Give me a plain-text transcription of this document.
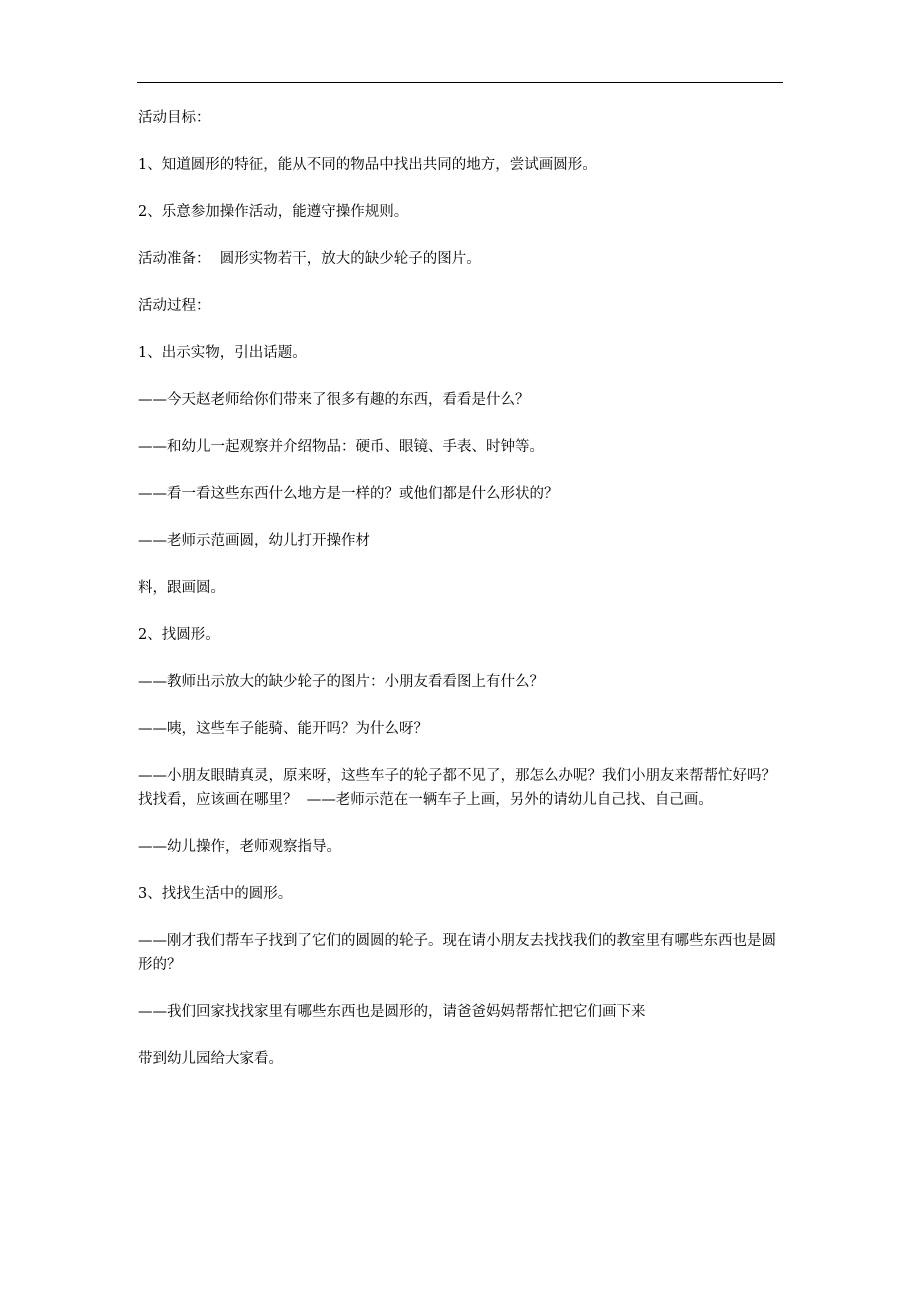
活动目标：

1、知道圆形的特征，能从不同的物品中找出共同的地方，尝试画圆形。

2、乐意参加操作活动，能遵守操作规则。

活动准备：  圆形实物若干，放大的缺少轮子的图片。

活动过程：

1、出示实物，引出话题。

——今天赵老师给你们带来了很多有趣的东西，看看是什么？

——和幼儿一起观察并介绍物品：硬币、眼镜、手表、时钟等。

——看一看这些东西什么地方是一样的？或他们都是什么形状的？

——老师示范画圆，幼儿打开操作材

料，跟画圆。

2、找圆形。

——教师出示放大的缺少轮子的图片：小朋友看看图上有什么？

——咦，这些车子能骑、能开吗？为什么呀？

——小朋友眼睛真灵，原来呀，这些车子的轮子都不见了，那怎么办呢？我们小朋友来帮帮忙好吗？找找看，应该画在哪里？  ——老师示范在一辆车子上画，另外的请幼儿自己找、自己画。

——幼儿操作，老师观察指导。

3、找找生活中的圆形。

——刚才我们帮车子找到了它们的圆圆的轮子。现在请小朋友去找找我们的教室里有哪些东西也是圆形的？

——我们回家找找家里有哪些东西也是圆形的，请爸爸妈妈帮帮忙把它们画下来

带到幼儿园给大家看。
